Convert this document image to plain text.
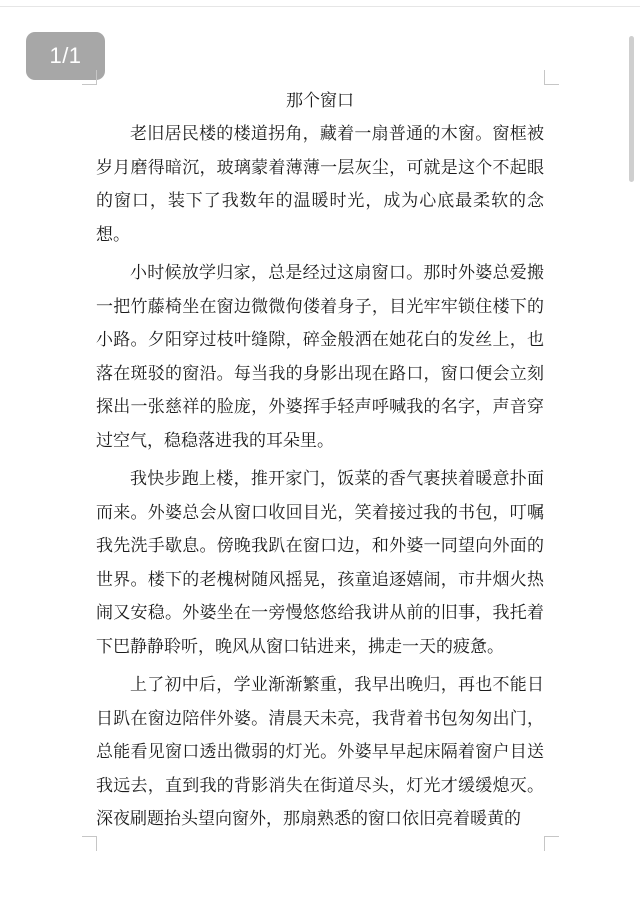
1/1
那个窗口

老旧居民楼的楼道拐角，藏着一扇普通的木窗。窗框被岁月磨得暗沉，玻璃蒙着薄薄一层灰尘，可就是这个不起眼的窗口，装下了我数年的温暖时光，成为心底最柔软的念想。

小时候放学归家，总是经过这扇窗口。那时外婆总爱搬一把竹藤椅坐在窗边微微佝偻着身子，目光牢牢锁住楼下的小路。夕阳穿过枝叶缝隙，碎金般洒在她花白的发丝上，也落在斑驳的窗沿。每当我的身影出现在路口，窗口便会立刻探出一张慈祥的脸庞，外婆挥手轻声呼喊我的名字，声音穿过空气，稳稳落进我的耳朵里。

我快步跑上楼，推开家门，饭菜的香气裹挟着暖意扑面而来。外婆总会从窗口收回目光，笑着接过我的书包，叮嘱我先洗手歇息。傍晚我趴在窗口边，和外婆一同望向外面的世界。楼下的老槐树随风摇晃，孩童追逐嬉闹，市井烟火热闹又安稳。外婆坐在一旁慢悠悠给我讲从前的旧事，我托着下巴静静聆听，晚风从窗口钻进来，拂走一天的疲惫。

上了初中后，学业渐渐繁重，我早出晚归，再也不能日日趴在窗边陪伴外婆。清晨天未亮，我背着书包匆匆出门，总能看见窗口透出微弱的灯光。外婆早早起床隔着窗户目送我远去，直到我的背影消失在街道尽头，灯光才缓缓熄灭。深夜刷题抬头望向窗外，那扇熟悉的窗口依旧亮着暖黄的
